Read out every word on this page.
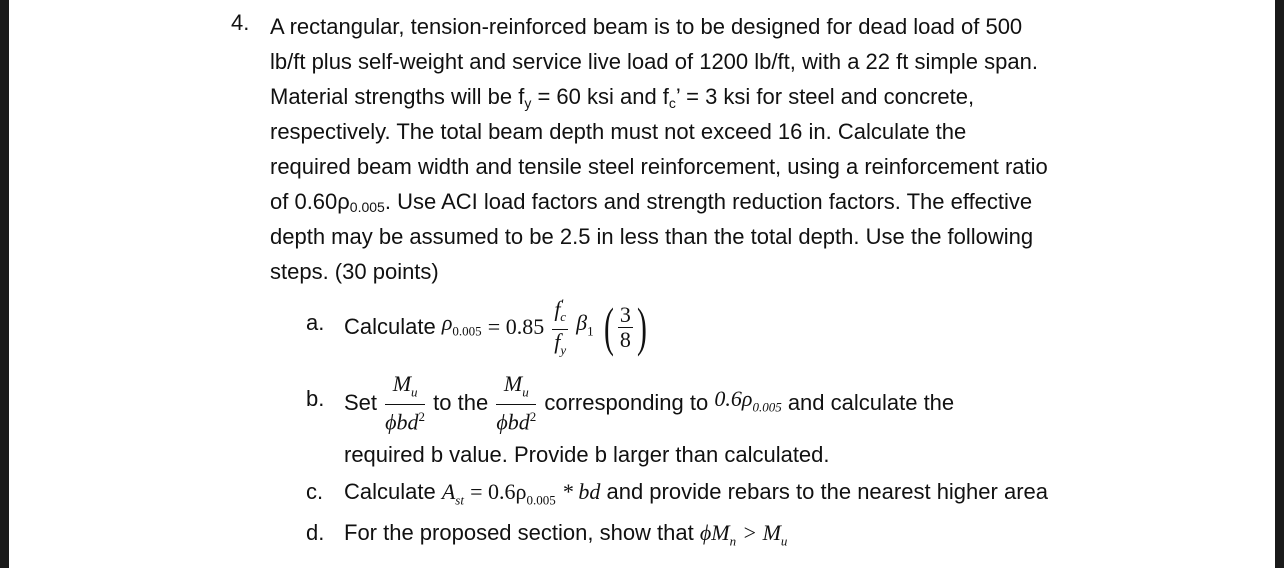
4. A rectangular, tension-reinforced beam is to be designed for dead load of 500
lb/ft plus self-weight and service live load of 1200 lb/ft, with a 22 ft simple span.
Material strengths will be fy = 60 ksi and fc’ = 3 ksi for steel and concrete,
respectively. The total beam depth must not exceed 16 in. Calculate the
required beam width and tensile steel reinforcement, using a reinforcement ratio
of 0.60ρ0.005. Use ACI load factors and strength reduction factors. The effective
depth may be assumed to be 2.5 in less than the total depth. Use the following
steps. (30 points)
a. Calculate $\rho_{0.005} = 0.85 \frac{f'_c}{f_y} \beta_1$ ( $\frac{3}{8}$ )
b. Set $\frac{M_u}{\phi bd^2}$ to the $\frac{M_u}{\phi bd^2}$ corresponding to $0.6\rho_{0.005}$ and calculate the
required b value. Provide b larger than calculated.
c. Calculate $A_{st} = 0.6\rho_{0.005}$ * bd and provide rebars to the nearest higher area
d. For the proposed section, show that $\phi M_n > M_u$
